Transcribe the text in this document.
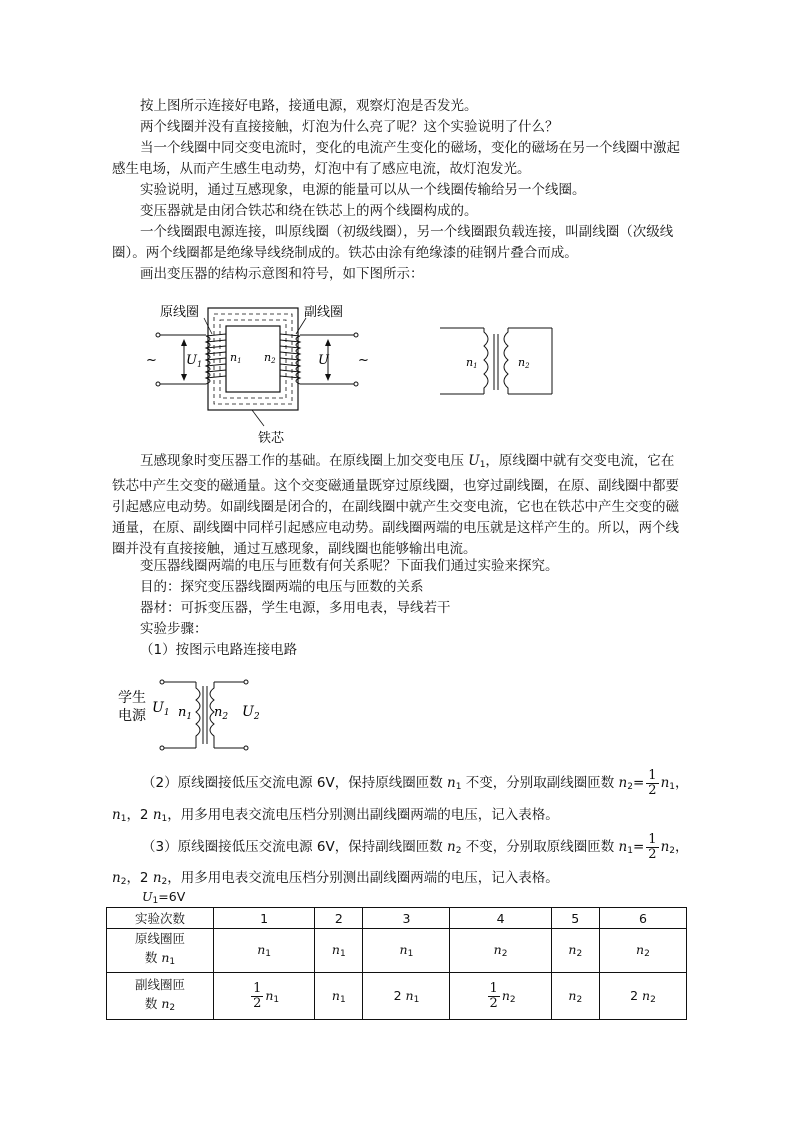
按上图所示连接好电路，接通电源，观察灯泡是否发光。
两个线圈并没有直接接触，灯泡为什么亮了呢？这个实验说明了什么？
当一个线圈中同交变电流时，变化的电流产生变化的磁场，变化的磁场在另一个线圈中激起感生电场，从而产生感生电动势，灯泡中有了感应电流，故灯泡发光。
实验说明，通过互感现象，电源的能量可以从一个线圈传输给另一个线圈。
变压器就是由闭合铁芯和绕在铁芯上的两个线圈构成的。
一个线圈跟电源连接，叫原线圈（初级线圈），另一个线圈跟负载连接，叫副线圈（次级线圈）。两个线圈都是绝缘导线绕制成的。铁芯由涂有绝缘漆的硅钢片叠合而成。
画出变压器的结构示意图和符号，如下图所示：
原线圈	副线圈
铁芯
~	~
$U_1$	U
n1 n2	n1	n2
互感现象时变压器工作的基础。在原线圈上加交变电压 $U_1$，原线圈中就有交变电流，它在铁芯中产生交变的磁通量。这个交变磁通量既穿过原线圈，也穿过副线圈，在原、副线圈中都要引起感应电动势。如副线圈是闭合的，在副线圈中就产生交变电流，它也在铁芯中产生交变的磁通量，在原、副线圈中同样引起感应电动势。副线圈两端的电压就是这样产生的。所以，两个线圈并没有直接接触，通过互感现象，副线圈也能够输出电流。
变压器线圈两端的电压与匝数有何关系呢？下面我们通过实验来探究。
目的：探究变压器线圈两端的电压与匝数的关系
器材：可拆变压器，学生电源，多用电表，导线若干
实验步骤：
（1）按图示电路连接电路
学生
电源 $U_1$ $n_1$ $n_2$ $U_2$
（2）原线圈接低压交流电源 6V，保持原线圈匝数 $n_1$ 不变，分别取副线圈匝数 $n_2= \frac{1}{2} n_1$，
$n_1$，2 $n_1$，用多用电表交流电压档分别测出副线圈两端的电压，记入表格。
（3）原线圈接低压交流电源 6V，保持副线圈匝数 $n_2$ 不变，分别取原线圈匝数 $n_1= \frac{1}{2} n_2$，
$n_2$，2 $n_2$，用多用电表交流电压档分别测出副线圈两端的电压，记入表格。
$U_1=6V$
实验次数	1	2	3	4	5	6
原线圈匝
数 $n_1$	$n_1$	$n_1$	$n_1$	$n_2$	$n_2$	$n_2$
副线圈匝
数 $n_2$	$\frac{1}{2} n_1$	$n_1$	2 $n_1$	$\frac{1}{2} n_2$	$n_2$	2 $n_2$
